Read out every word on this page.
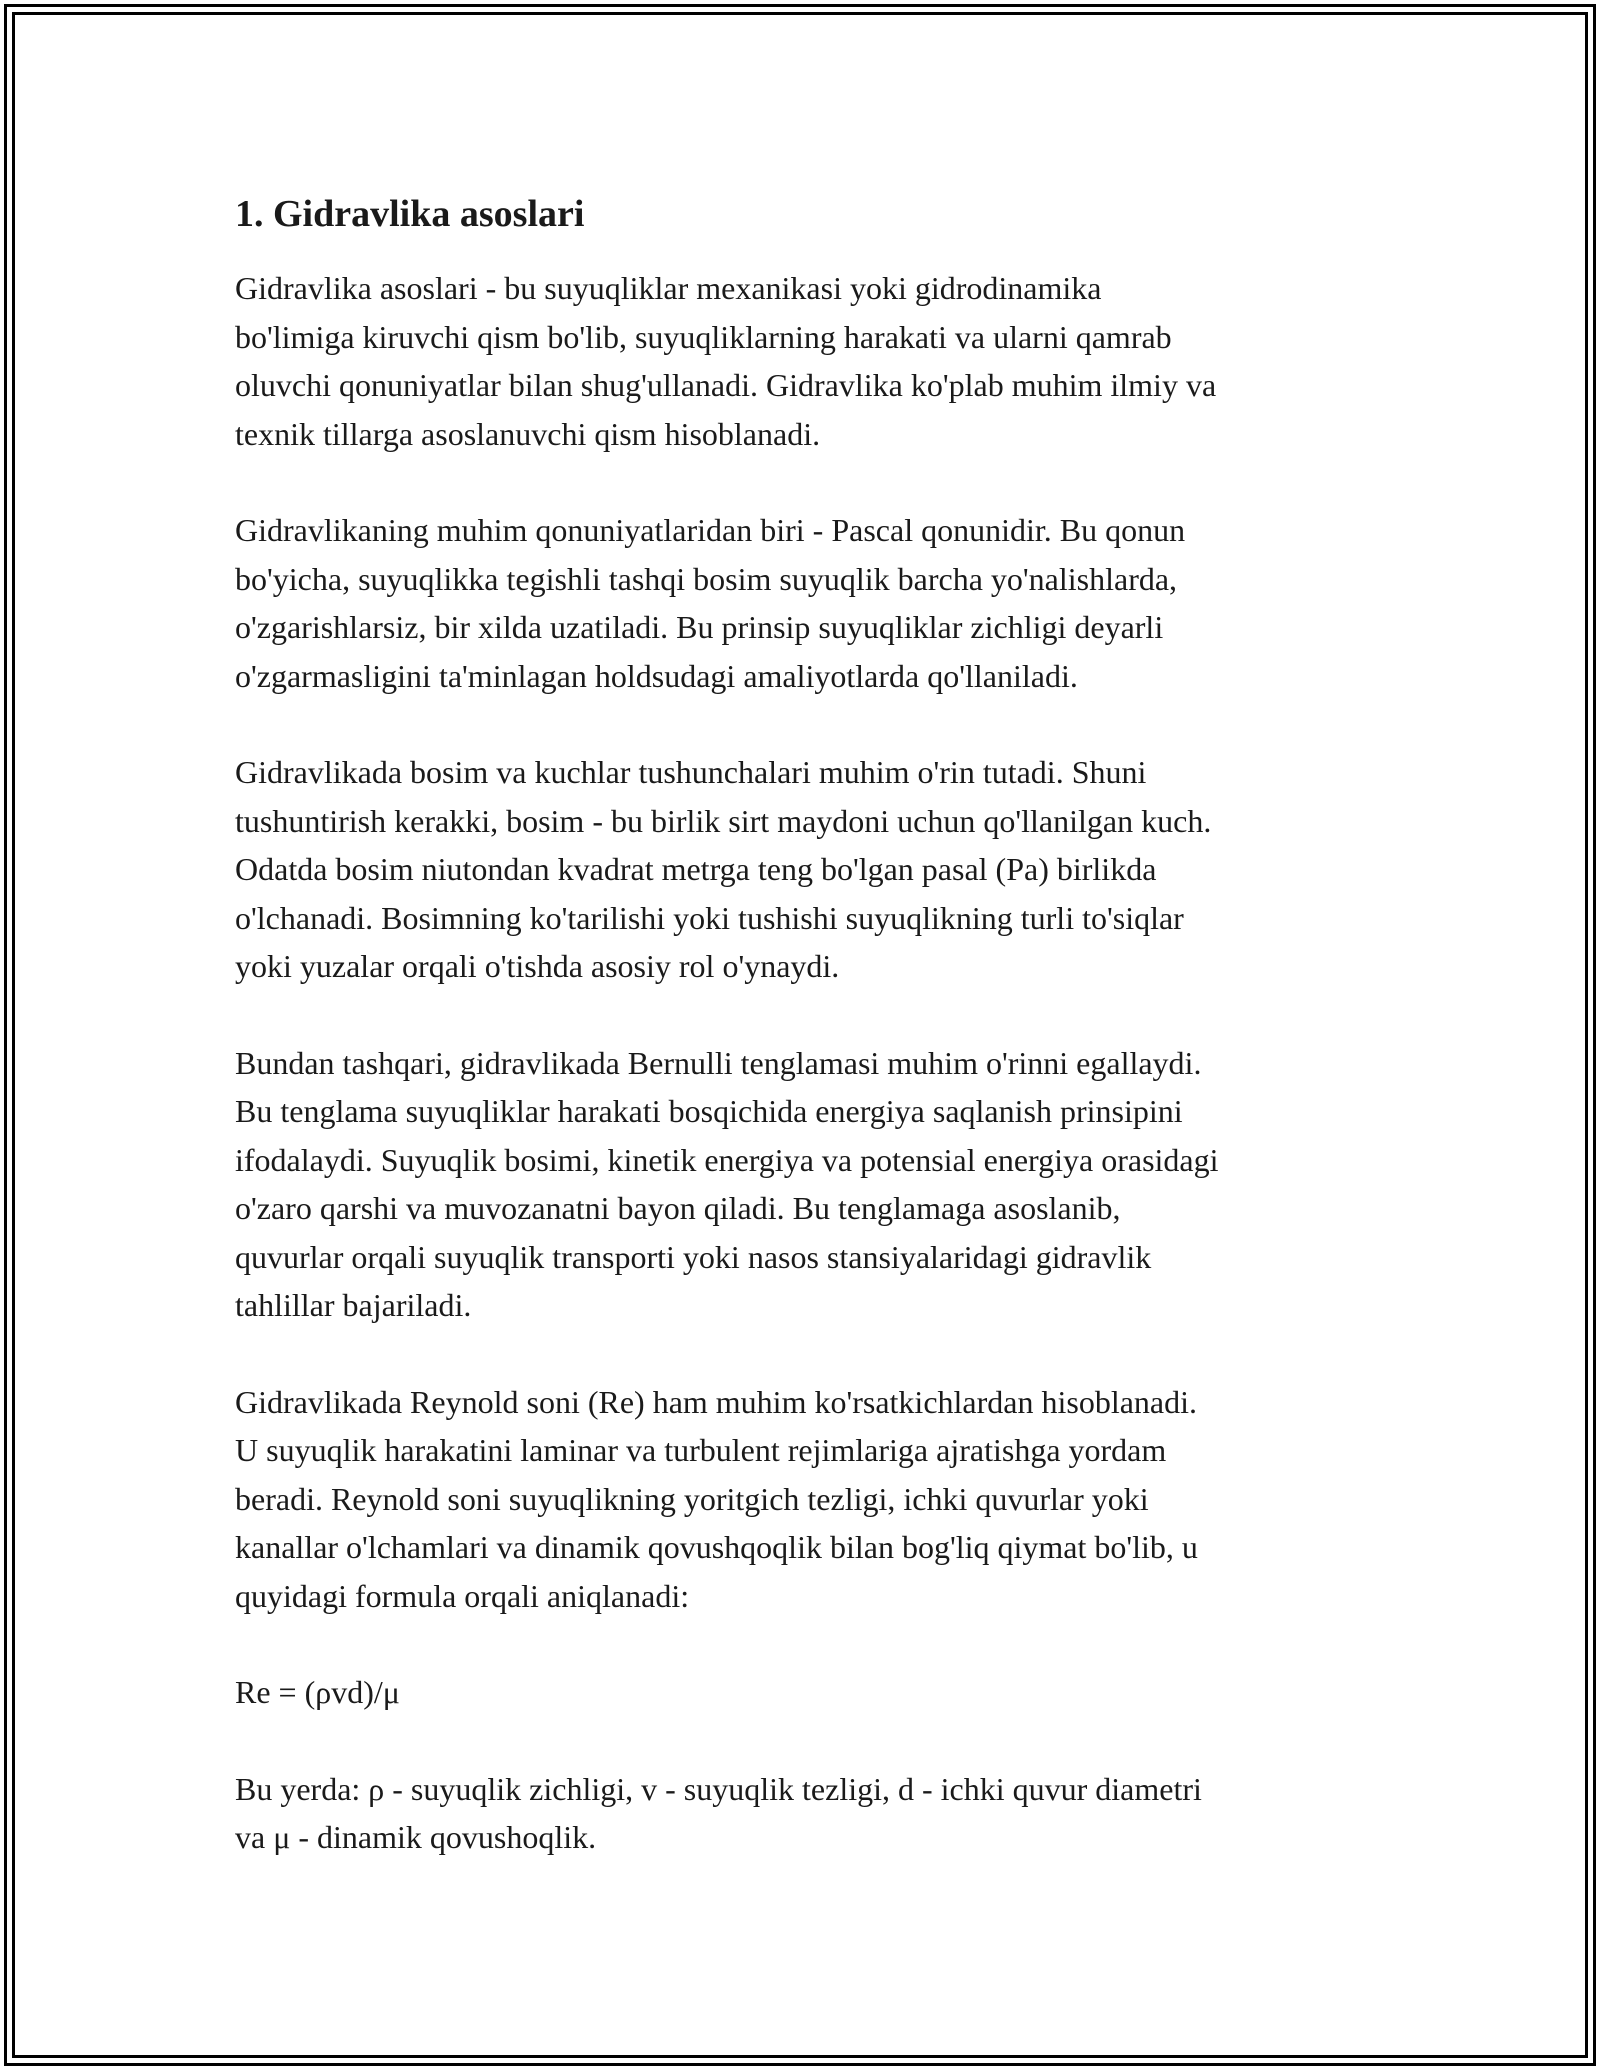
1. Gidravlika asoslari

Gidravlika asoslari - bu suyuqliklar mexanikasi yoki gidrodinamika
bo'limiga kiruvchi qism bo'lib, suyuqliklarning harakati va ularni qamrab
oluvchi qonuniyatlar bilan shug'ullanadi. Gidravlika ko'plab muhim ilmiy va
texnik tillarga asoslanuvchi qism hisoblanadi.

Gidravlikaning muhim qonuniyatlaridan biri - Pascal qonunidir. Bu qonun
bo'yicha, suyuqlikka tegishli tashqi bosim suyuqlik barcha yo'nalishlarda,
o'zgarishlarsiz, bir xilda uzatiladi. Bu prinsip suyuqliklar zichligi deyarli
o'zgarmasligini ta'minlagan holdsudagi amaliyotlarda qo'llaniladi.

Gidravlikada bosim va kuchlar tushunchalari muhim o'rin tutadi. Shuni
tushuntirish kerakki, bosim - bu birlik sirt maydoni uchun qo'llanilgan kuch.
Odatda bosim niutondan kvadrat metrga teng bo'lgan pasal (Pa) birlikda
o'lchanadi. Bosimning ko'tarilishi yoki tushishi suyuqlikning turli to'siqlar
yoki yuzalar orqali o'tishda asosiy rol o'ynaydi.

Bundan tashqari, gidravlikada Bernulli tenglamasi muhim o'rinni egallaydi.
Bu tenglama suyuqliklar harakati bosqichida energiya saqlanish prinsipini
ifodalaydi. Suyuqlik bosimi, kinetik energiya va potensial energiya orasidagi
o'zaro qarshi va muvozanatni bayon qiladi. Bu tenglamaga asoslanib,
quvurlar orqali suyuqlik transporti yoki nasos stansiyalaridagi gidravlik
tahlillar bajariladi.

Gidravlikada Reynold soni (Re) ham muhim ko'rsatkichlardan hisoblanadi.
U suyuqlik harakatini laminar va turbulent rejimlariga ajratishga yordam
beradi. Reynold soni suyuqlikning yoritgich tezligi, ichki quvurlar yoki
kanallar o'lchamlari va dinamik qovushqoqlik bilan bog'liq qiymat bo'lib, u
quyidagi formula orqali aniqlanadi:

Re = (ρvd)/μ

Bu yerda: ρ - suyuqlik zichligi, v - suyuqlik tezligi, d - ichki quvur diametri
va μ - dinamik qovushoqlik.
